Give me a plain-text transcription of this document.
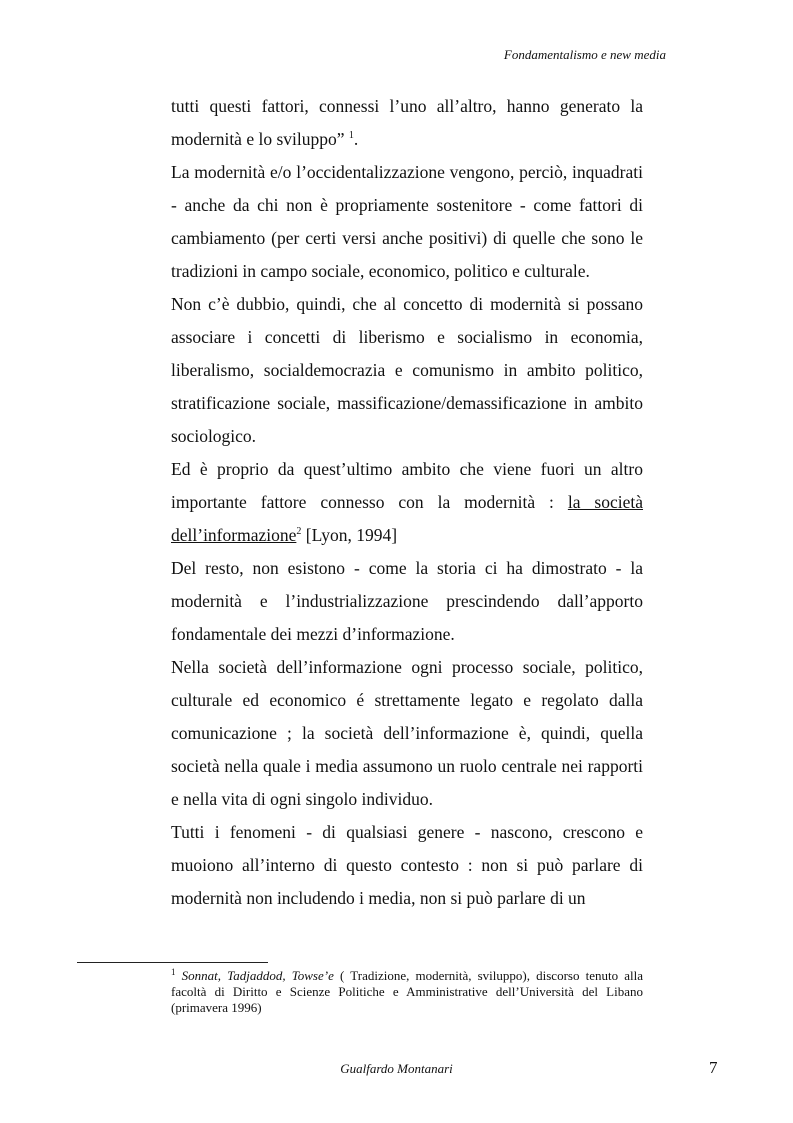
Fondamentalismo e new media

tutti questi fattori, connessi l’uno all’altro, hanno generato la modernità e lo sviluppo” $^1$.

La modernità e/o l’occidentalizzazione vengono, perciò, inquadrati - anche da chi non è propriamente sostenitore - come fattori di cambiamento (per certi versi anche positivi) di quelle che sono le tradizioni in campo sociale, economico, politico e culturale.

Non c’è dubbio, quindi, che al concetto di modernità si possano associare i concetti di liberismo e socialismo in economia, liberalismo, socialdemocrazia e comunismo in ambito politico, stratificazione sociale, massificazione/demassificazione in ambito sociologico.

Ed è proprio da quest’ultimo ambito che viene fuori un altro importante fattore connesso con la modernità : la società dell’informazione$^2$ [Lyon, 1994]

Del resto, non esistono - come la storia ci ha dimostrato - la modernità e l’industrializzazione prescindendo dall’apporto fondamentale dei mezzi d’informazione.

Nella società dell’informazione ogni processo sociale, politico, culturale ed economico é strettamente legato e regolato dalla comunicazione ; la società dell’informazione è, quindi, quella società nella quale i media assumono un ruolo centrale nei rapporti e nella vita di ogni singolo individuo.

Tutti i fenomeni - di qualsiasi genere - nascono, crescono e muoiono all’interno di questo contesto : non si può parlare di modernità non includendo i media, non si può parlare di un

$^1$ Sonnat, Tadjaddod, Towse’e ( Tradizione, modernità, sviluppo), discorso tenuto alla facoltà di Diritto e Scienze Politiche e Amministrative dell’Università del Libano (primavera 1996)
Gualfardo Montanari	7
